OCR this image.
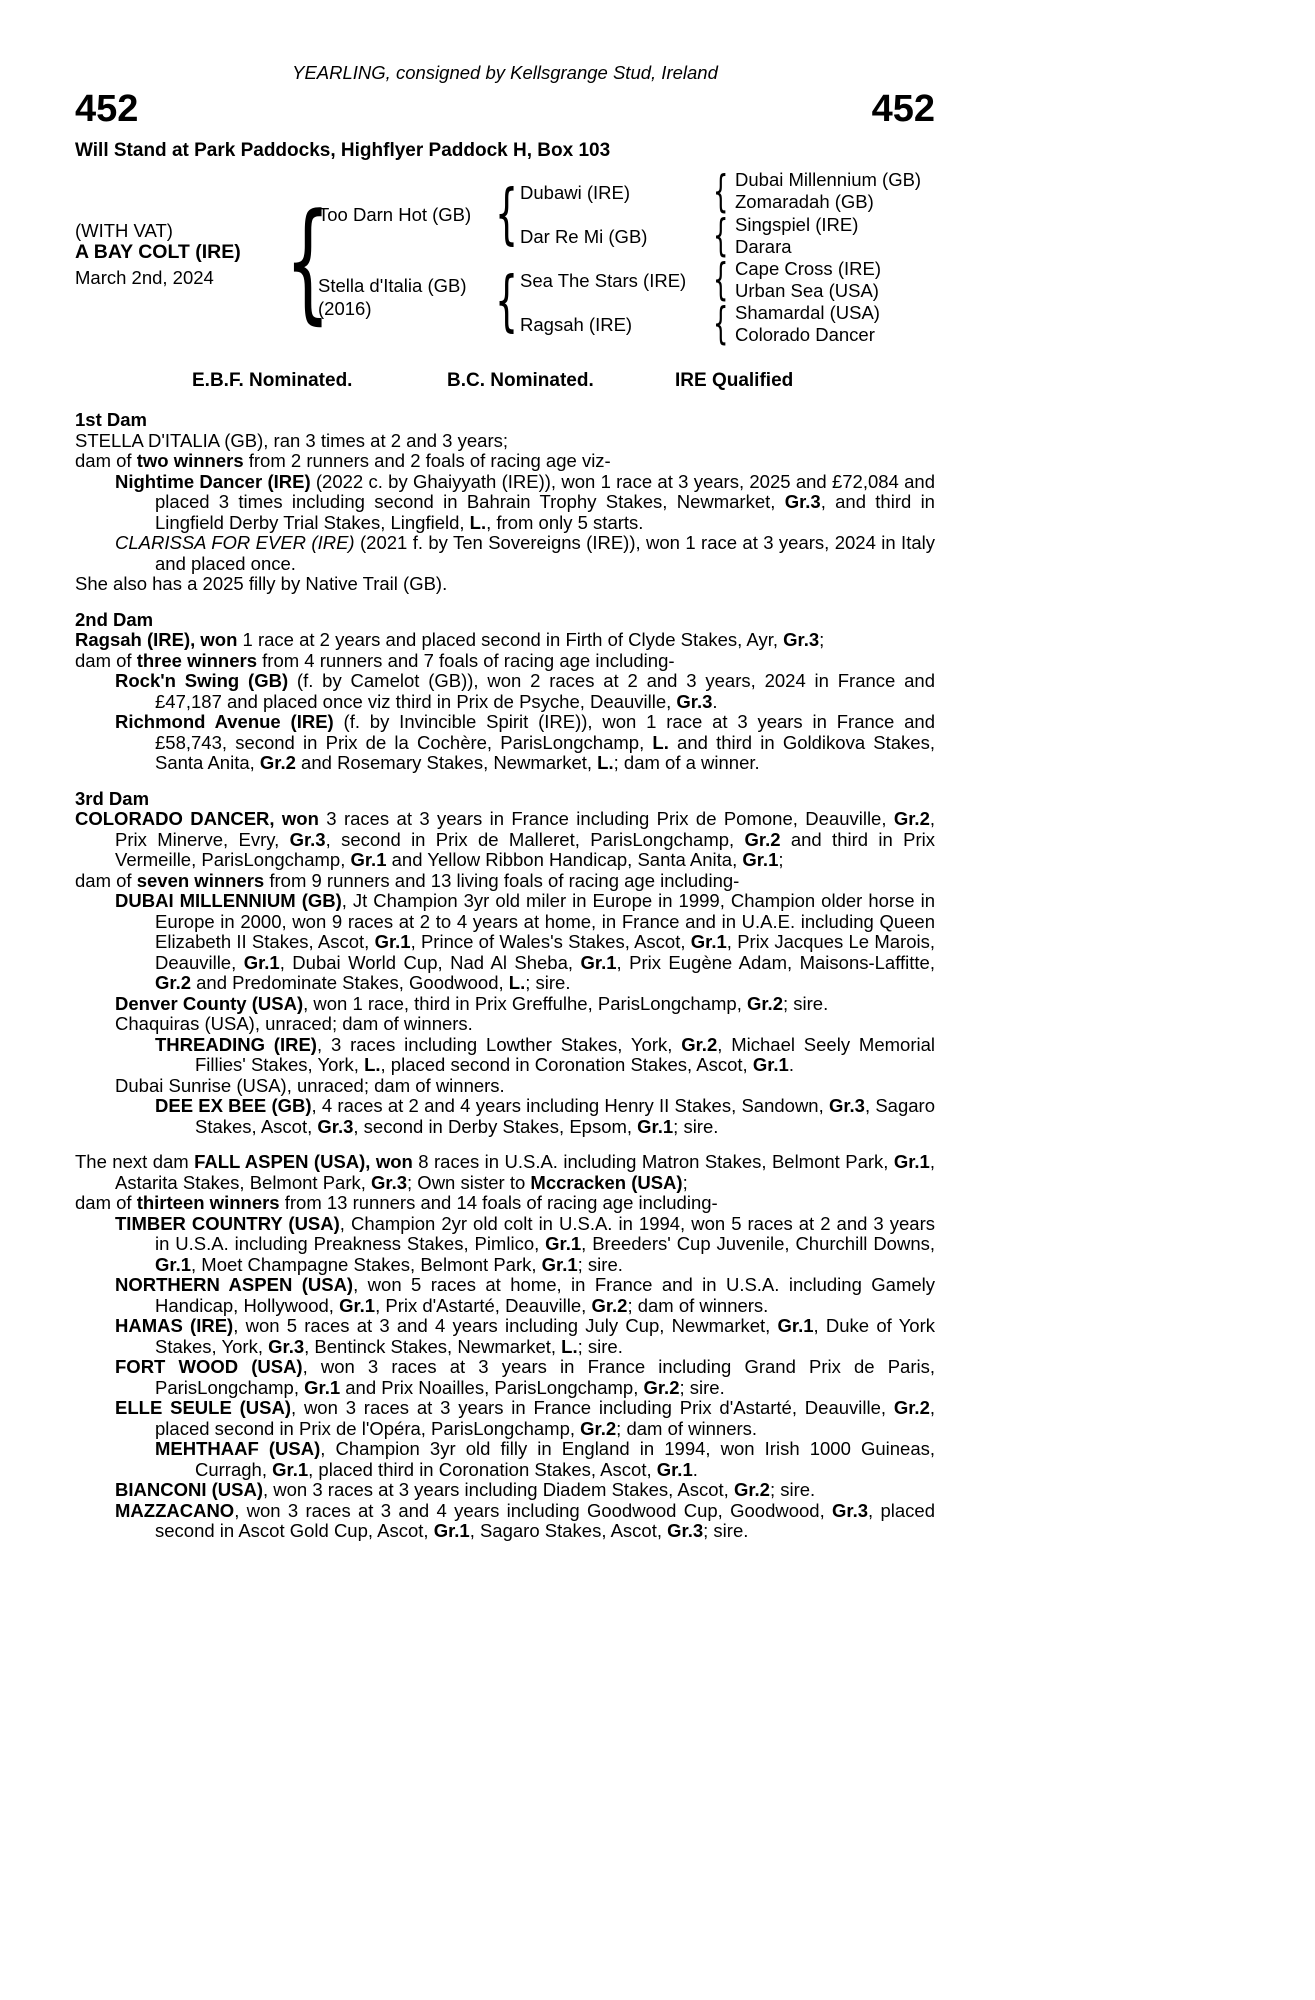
YEARLING, consigned by Kellsgrange Stud, Ireland
452	452
Will Stand at Park Paddocks, Highflyer Paddock H, Box 103
(WITH VAT)
A BAY COLT (IRE)
March 2nd, 2024 {
Too Darn Hot (GB)
Stella d'Italia (GB)
(2016)
{
{
Dubawi (IRE)
Dar Re Mi (GB)
Sea The Stars (IRE)
Ragsah (IRE)
{
{
{
{
Dubai Millennium (GB)
Zomaradah (GB)
Singspiel (IRE)
Darara
Cape Cross (IRE)
Urban Sea (USA)
Shamardal (USA)
Colorado Dancer
E.B.F. Nominated.	B.C. Nominated.	IRE Qualified
1st Dam
STELLA D'ITALIA (GB), ran 3 times at 2 and 3 years;
dam of two winners from 2 runners and 2 foals of racing age viz-
Nightime Dancer (IRE) (2022 c. by Ghaiyyath (IRE)), won 1 race at 3 years, 2025 and £72,084 and placed 3 times including second in Bahrain Trophy Stakes, Newmarket, Gr.3, and third in Lingfield Derby Trial Stakes, Lingfield, L., from only 5 starts.
CLARISSA FOR EVER (IRE) (2021 f. by Ten Sovereigns (IRE)), won 1 race at 3 years, 2024 in Italy and placed once.
She also has a 2025 filly by Native Trail (GB).
2nd Dam
Ragsah (IRE), won 1 race at 2 years and placed second in Firth of Clyde Stakes, Ayr, Gr.3;
dam of three winners from 4 runners and 7 foals of racing age including-
Rock'n Swing (GB) (f. by Camelot (GB)), won 2 races at 2 and 3 years, 2024 in France and £47,187 and placed once viz third in Prix de Psyche, Deauville, Gr.3.
Richmond Avenue (IRE) (f. by Invincible Spirit (IRE)), won 1 race at 3 years in France and £58,743, second in Prix de la Cochère, ParisLongchamp, L. and third in Goldikova Stakes, Santa Anita, Gr.2 and Rosemary Stakes, Newmarket, L.; dam of a winner.
3rd Dam
COLORADO DANCER, won 3 races at 3 years in France including Prix de Pomone, Deauville, Gr.2, Prix Minerve, Evry, Gr.3, second in Prix de Malleret, ParisLongchamp, Gr.2 and third in Prix Vermeille, ParisLongchamp, Gr.1 and Yellow Ribbon Handicap, Santa Anita, Gr.1;
dam of seven winners from 9 runners and 13 living foals of racing age including-
DUBAI MILLENNIUM (GB), Jt Champion 3yr old miler in Europe in 1999, Champion older horse in Europe in 2000, won 9 races at 2 to 4 years at home, in France and in U.A.E. including Queen Elizabeth II Stakes, Ascot, Gr.1, Prince of Wales's Stakes, Ascot, Gr.1, Prix Jacques Le Marois, Deauville, Gr.1, Dubai World Cup, Nad Al Sheba, Gr.1, Prix Eugène Adam, Maisons-Laffitte, Gr.2 and Predominate Stakes, Goodwood, L.; sire.
Denver County (USA), won 1 race, third in Prix Greffulhe, ParisLongchamp, Gr.2; sire.
Chaquiras (USA), unraced; dam of winners.
THREADING (IRE), 3 races including Lowther Stakes, York, Gr.2, Michael Seely Memorial Fillies' Stakes, York, L., placed second in Coronation Stakes, Ascot, Gr.1.
Dubai Sunrise (USA), unraced; dam of winners.
DEE EX BEE (GB), 4 races at 2 and 4 years including Henry II Stakes, Sandown, Gr.3, Sagaro Stakes, Ascot, Gr.3, second in Derby Stakes, Epsom, Gr.1; sire.
The next dam FALL ASPEN (USA), won 8 races in U.S.A. including Matron Stakes, Belmont Park, Gr.1, Astarita Stakes, Belmont Park, Gr.3; Own sister to Mccracken (USA);
dam of thirteen winners from 13 runners and 14 foals of racing age including-
TIMBER COUNTRY (USA), Champion 2yr old colt in U.S.A. in 1994, won 5 races at 2 and 3 years in U.S.A. including Preakness Stakes, Pimlico, Gr.1, Breeders' Cup Juvenile, Churchill Downs, Gr.1, Moet Champagne Stakes, Belmont Park, Gr.1; sire.
NORTHERN ASPEN (USA), won 5 races at home, in France and in U.S.A. including Gamely Handicap, Hollywood, Gr.1, Prix d'Astarté, Deauville, Gr.2; dam of winners.
HAMAS (IRE), won 5 races at 3 and 4 years including July Cup, Newmarket, Gr.1, Duke of York Stakes, York, Gr.3, Bentinck Stakes, Newmarket, L.; sire.
FORT WOOD (USA), won 3 races at 3 years in France including Grand Prix de Paris, ParisLongchamp, Gr.1 and Prix Noailles, ParisLongchamp, Gr.2; sire.
ELLE SEULE (USA), won 3 races at 3 years in France including Prix d'Astarté, Deauville, Gr.2, placed second in Prix de l'Opéra, ParisLongchamp, Gr.2; dam of winners.
MEHTHAAF (USA), Champion 3yr old filly in England in 1994, won Irish 1000 Guineas, Curragh, Gr.1, placed third in Coronation Stakes, Ascot, Gr.1.
BIANCONI (USA), won 3 races at 3 years including Diadem Stakes, Ascot, Gr.2; sire.
MAZZACANO, won 3 races at 3 and 4 years including Goodwood Cup, Goodwood, Gr.3, placed second in Ascot Gold Cup, Ascot, Gr.1, Sagaro Stakes, Ascot, Gr.3; sire.
